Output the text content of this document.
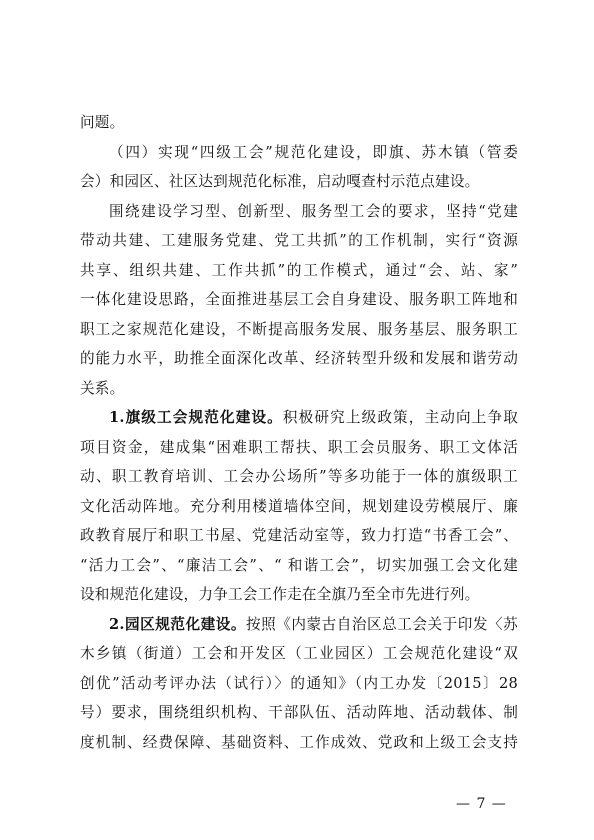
问题。
（四）实现“四级工会”规范化建设，即旗、苏木镇（管委
会）和园区、社区达到规范化标准，启动嘎查村示范点建设。
围绕建设学习型、创新型、服务型工会的要求，坚持“党建
带动共建、工建服务党建、党工共抓”的工作机制，实行“资源
共享、组织共建、工作共抓”的工作模式，通过“会、站、家”
一体化建设思路，全面推进基层工会自身建设、服务职工阵地和
职工之家规范化建设，不断提高服务发展、服务基层、服务职工
的能力水平，助推全面深化改革、经济转型升级和发展和谐劳动
关系。
1.旗级工会规范化建设。积极研究上级政策，主动向上争取
项目资金，建成集“困难职工帮扶、职工会员服务、职工文体活
动、职工教育培训、工会办公场所”等多功能于一体的旗级职工
文化活动阵地。充分利用楼道墙体空间，规划建设劳模展厅、廉
政教育展厅和职工书屋、党建活动室等，致力打造“书香工会”、
“活力工会”、“廉洁工会”、“ 和谐工会”，切实加强工会文化建
设和规范化建设，力争工会工作走在全旗乃至全市先进行列。
2.园区规范化建设。按照《内蒙古自治区总工会关于印发〈苏
木乡镇（街道）工会和开发区（工业园区）工会规范化建设“双
创优”活动考评办法（试行）〉的通知》（内工办发〔2015〕28
号）要求，围绕组织机构、干部队伍、活动阵地、活动载体、制
度机制、经费保障、基础资料、工作成效、党政和上级工会支持
— 7 —
